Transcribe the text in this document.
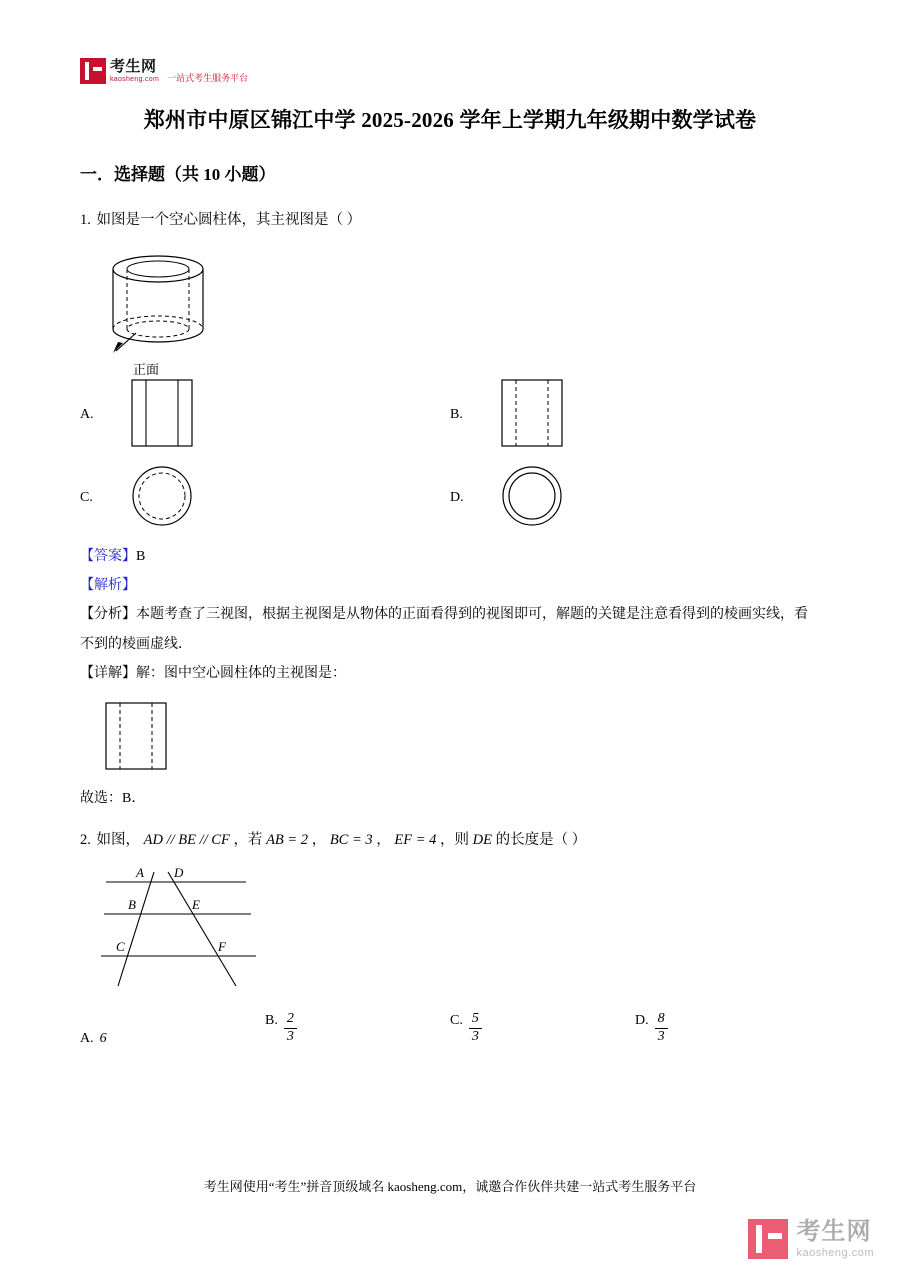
考生网
kaosheng.com 一站式考生服务平台
郑州市中原区锦江中学 2025-2026 学年上学期九年级期中数学试卷
一．选择题（共 10 小题）
1. 如图是一个空心圆柱体，其主视图是（ ）
正面
A.	B.
C.	D.
【答案】B
【解析】
【分析】本题考查了三视图，根据主视图是从物体的正面看得到的视图即可，解题的关键是注意看得到的棱画实线，看不到的棱画虚线．
【详解】解：图中空心圆柱体的主视图是：
故选：B．
2. 如图， AD // BE // CF ，若 AB = 2 ， BC = 3 ， EF = 4 ，则 DE 的长度是（ ）
A D
B	E
C	F
A. 6
B. $\frac{2}{3}$	C. $\frac{5}{3}$	D. $\frac{8}{3}$
考生网使用“考生”拼音顶级域名 kaosheng.com，诚邀合作伙伴共建一站式考生服务平台
考生网
kaosheng.com
